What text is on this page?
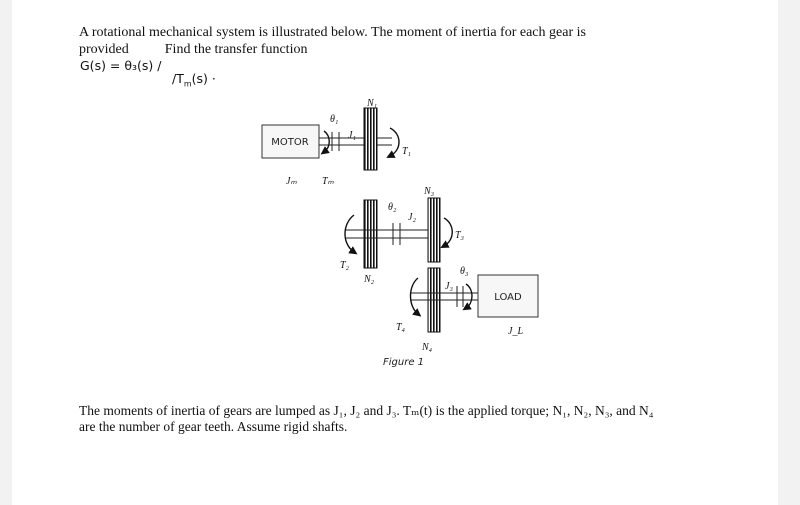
A rotational mechanical system is illustrated below. The moment of inertia for each gear is
provided	Find the transfer function
G(s) = θ₃(s) /
$/T_m(s)$ ·
MOTOR
LOAD
N₁
θ₁
J₁
T₁
Jₘ	Tₘ
θ₂
N₃
J₂
T₃
T₂
N₂
θ₃
J₃
J_L
T₄
N₄
Figure 1
The moments of inertia of gears are lumped as J₁, J₂ and J₃. Tₘ(t) is the applied torque; N₁, N₂, N₃, and N₄
are the number of gear teeth. Assume rigid shafts.
